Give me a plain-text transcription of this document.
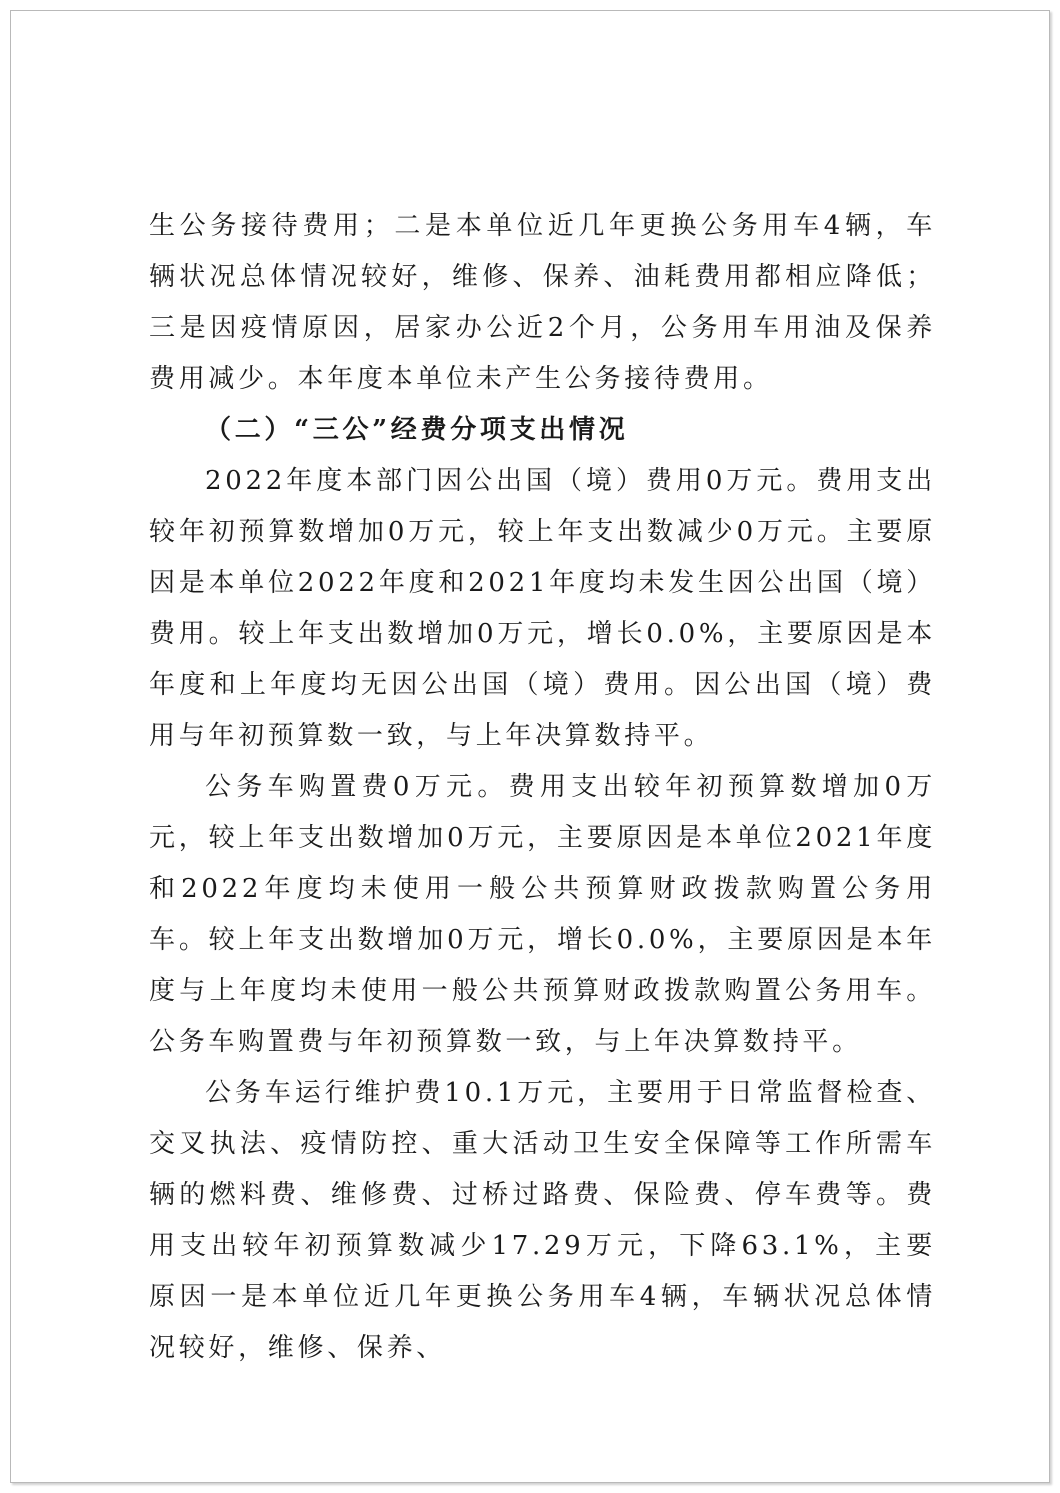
生公务接待费用；二是本单位近几年更换公务用车4辆，车辆状况总体情况较好，维修、保养、油耗费用都相应降低；三是因疫情原因，居家办公近2个月，公务用车用油及保养费用减少。本年度本单位未产生公务接待费用。

（二）“三公”经费分项支出情况

2022年度本部门因公出国（境）费用0万元。费用支出较年初预算数增加0万元，较上年支出数减少0万元。主要原因是本单位2022年度和2021年度均未发生因公出国（境）费用。较上年支出数增加0万元，增长0.0%，主要原因是本年度和上年度均无因公出国（境）费用。因公出国（境）费用与年初预算数一致，与上年决算数持平。

公务车购置费0万元。费用支出较年初预算数增加0万元，较上年支出数增加0万元，主要原因是本单位2021年度和2022年度均未使用一般公共预算财政拨款购置公务用车。较上年支出数增加0万元，增长0.0%，主要原因是本年度与上年度均未使用一般公共预算财政拨款购置公务用车。公务车购置费与年初预算数一致，与上年决算数持平。

公务车运行维护费10.1万元，主要用于日常监督检查、交叉执法、疫情防控、重大活动卫生安全保障等工作所需车辆的燃料费、维修费、过桥过路费、保险费、停车费等。费用支出较年初预算数减少17.29万元，下降63.1%，主要原因一是本单位近几年更换公务用车4辆，车辆状况总体情况较好，维修、保养、
